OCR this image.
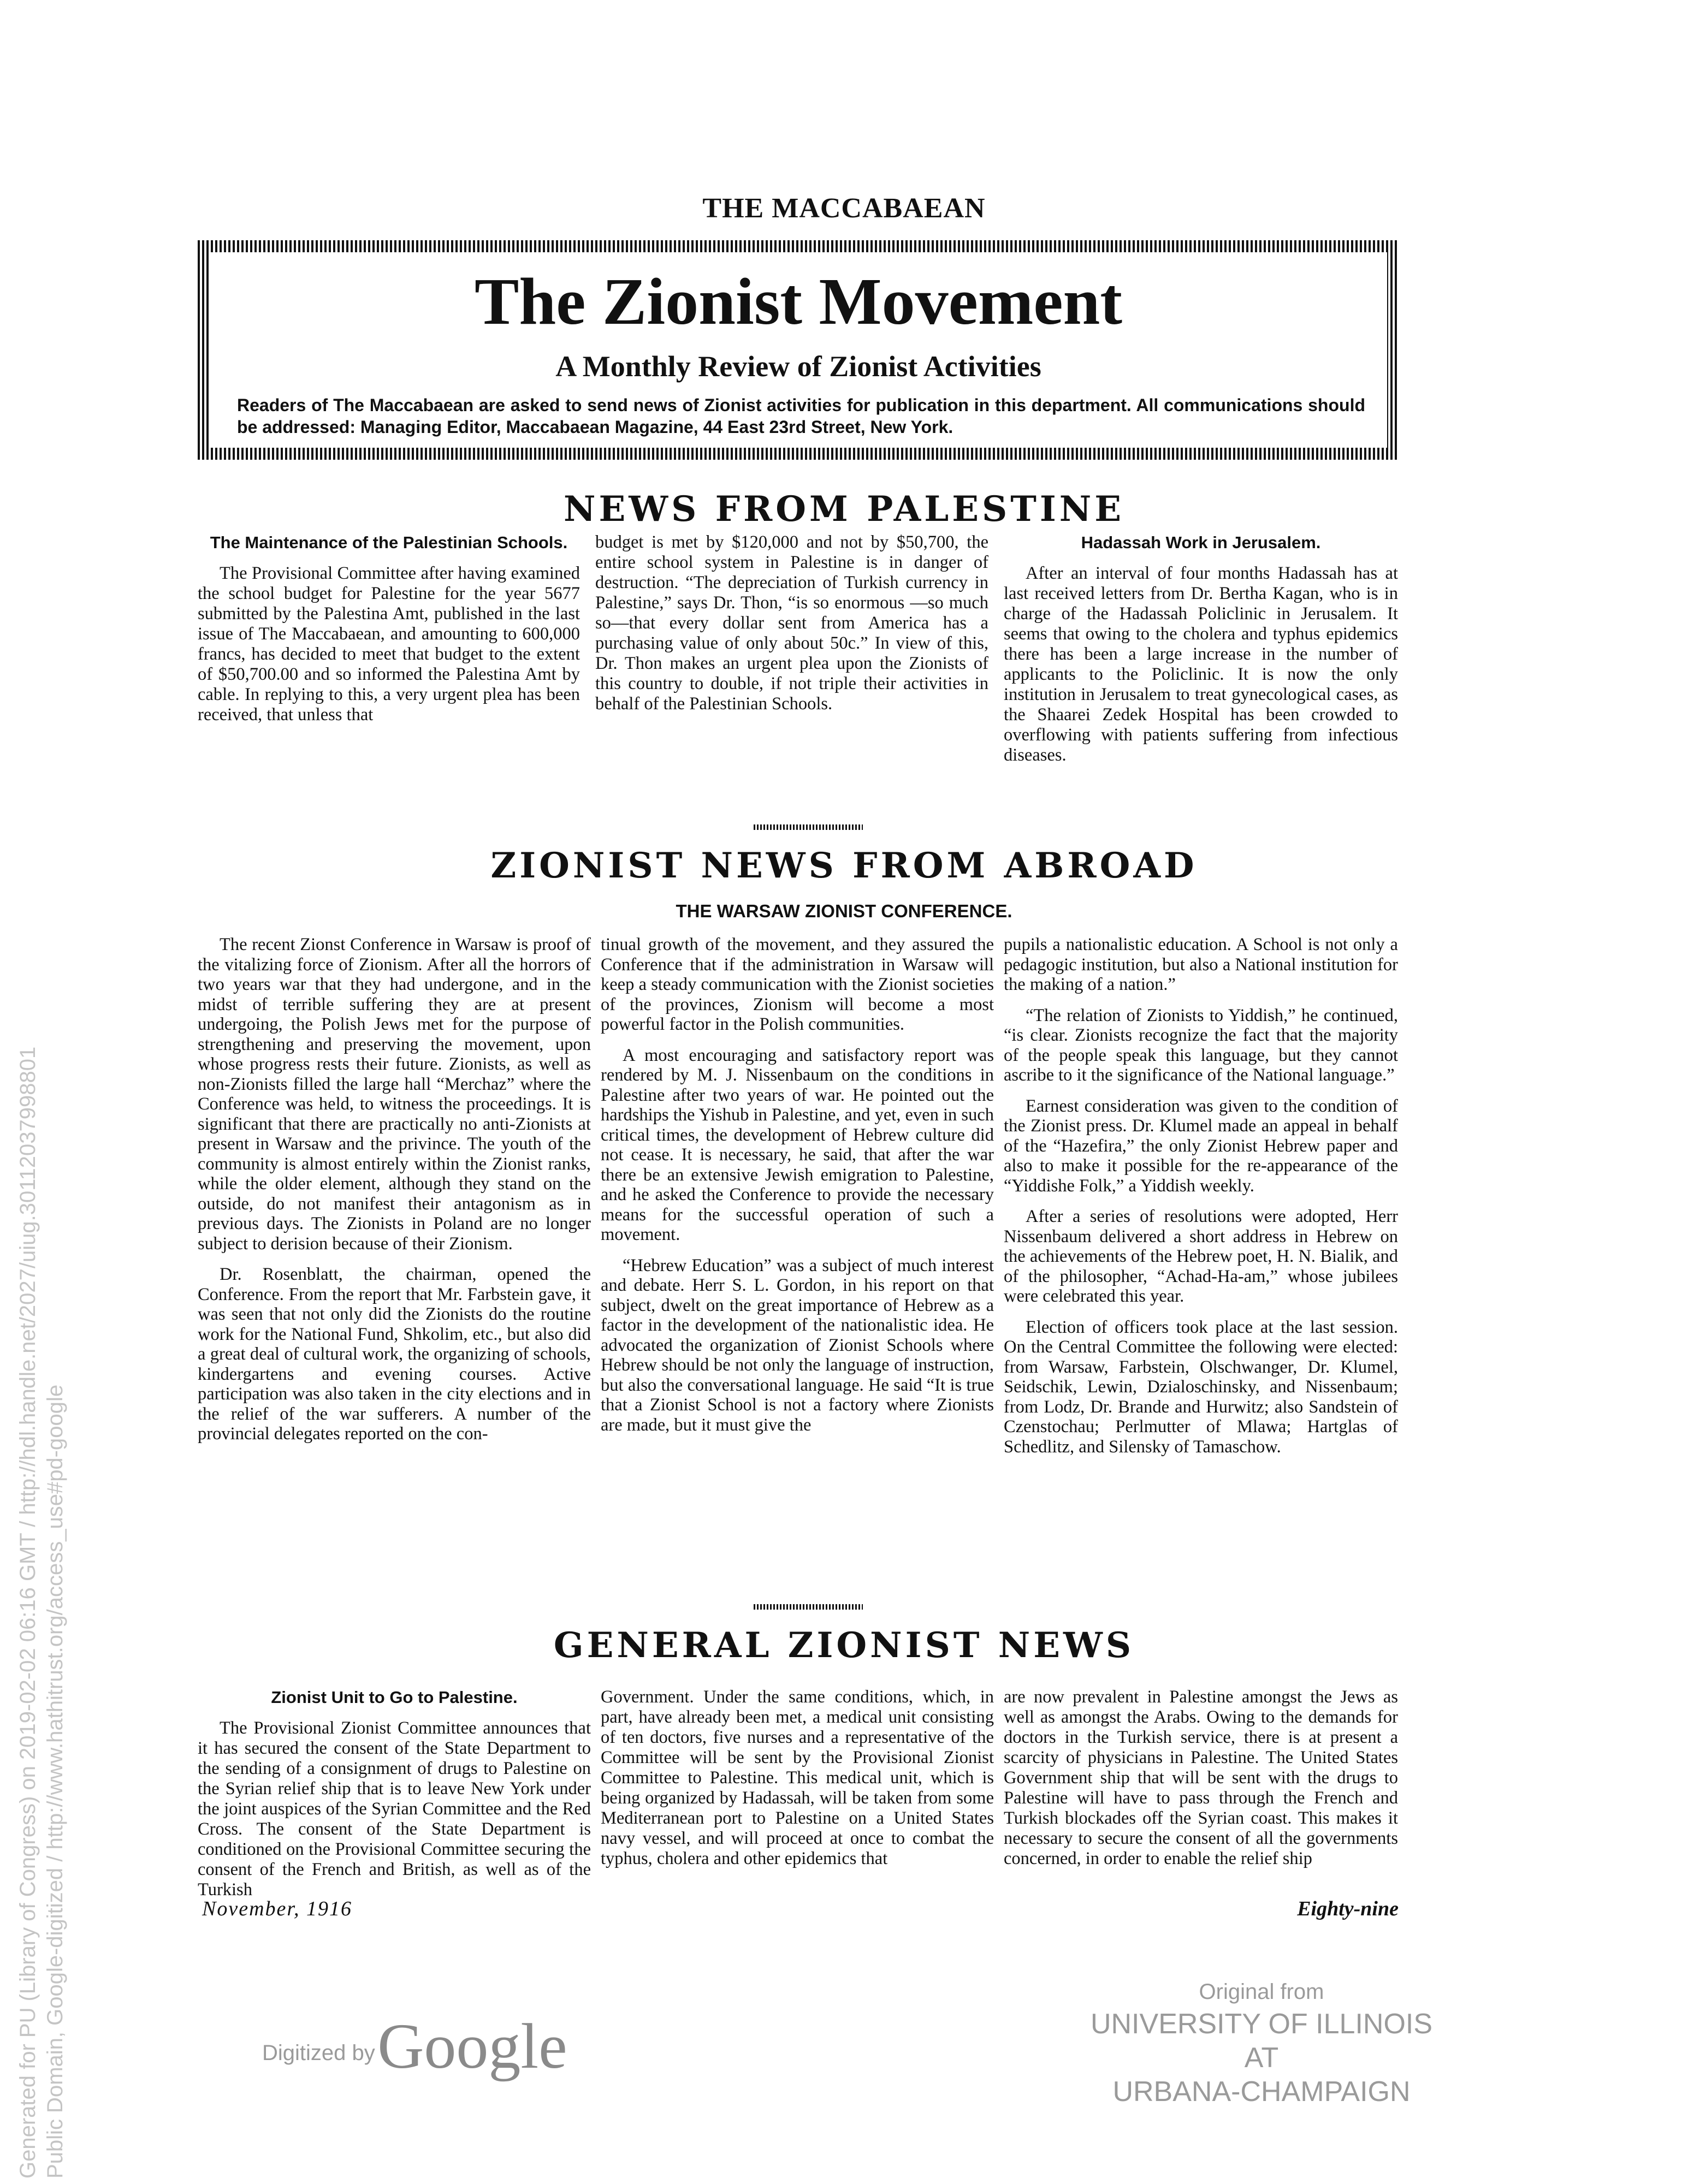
THE MACCABAEAN
The Zionist Movement
A Monthly Review of Zionist Activities
Readers of The Maccabaean are asked to send news of Zionist activities for publication in this department. All communications should be addressed: Managing Editor, Maccabaean Magazine, 44 East 23rd Street, New York.
NEWS FROM PALESTINE

The Maintenance of the Palestinian Schools.

The Provisional Committee after having examined the school budget for Palestine for the year 5677 submitted by the Palestina Amt, published in the last issue of The Maccabaean, and amounting to 600,000 francs, has decided to meet that budget to the extent of $50,700.00 and so informed the Palestina Amt by cable. In replying to this, a very urgent plea has been received, that unless that

budget is met by $120,000 and not by $50,700, the entire school system in Palestine is in danger of destruction. “The depreciation of Turkish currency in Palestine,” says Dr. Thon, “is so enormous —so much so—that every dollar sent from America has a purchasing value of only about 50c.” In view of this, Dr. Thon makes an urgent plea upon the Zionists of this country to double, if not triple their activities in behalf of the Palestinian Schools.

Hadassah Work in Jerusalem.

After an interval of four months Hadassah has at last received letters from Dr. Bertha Kagan, who is in charge of the Hadassah Policlinic in Jerusalem. It seems that owing to the cholera and typhus epidemics there has been a large increase in the number of applicants to the Policlinic. It is now the only institution in Jerusalem to treat gynecological cases, as the Shaarei Zedek Hospital has been crowded to overflowing with patients suffering from infectious diseases.

ZIONIST NEWS FROM ABROAD
THE WARSAW ZIONIST CONFERENCE.

The recent Zionst Conference in Warsaw is proof of the vitalizing force of Zionism. After all the horrors of two years war that they had undergone, and in the midst of terrible suffering they are at present undergoing, the Polish Jews met for the purpose of strengthening and preserving the movement, upon whose progress rests their future. Zionists, as well as non-Zionists filled the large hall “Merchaz” where the Conference was held, to witness the proceedings. It is significant that there are practically no anti-Zionists at present in Warsaw and the privince. The youth of the community is almost entirely within the Zionist ranks, while the older element, although they stand on the outside, do not manifest their antagonism as in previous days. The Zionists in Poland are no longer subject to derision because of their Zionism.

Dr. Rosenblatt, the chairman, opened the Conference. From the report that Mr. Farbstein gave, it was seen that not only did the Zionists do the routine work for the National Fund, Shkolim, etc., but also did a great deal of cultural work, the organizing of schools, kindergartens and evening courses. Active participation was also taken in the city elections and in the relief of the war sufferers. A number of the provincial delegates reported on the con-

tinual growth of the movement, and they assured the Conference that if the administration in Warsaw will keep a steady communication with the Zionist societies of the provinces, Zionism will become a most powerful factor in the Polish communities.

A most encouraging and satisfactory report was rendered by M. J. Nissenbaum on the conditions in Palestine after two years of war. He pointed out the hardships the Yishub in Palestine, and yet, even in such critical times, the development of Hebrew culture did not cease. It is necessary, he said, that after the war there be an extensive Jewish emigration to Palestine, and he asked the Conference to provide the necessary means for the successful operation of such a movement.

“Hebrew Education” was a subject of much interest and debate. Herr S. L. Gordon, in his report on that subject, dwelt on the great importance of Hebrew as a factor in the development of the nationalistic idea. He advocated the organization of Zionist Schools where Hebrew should be not only the language of instruction, but also the conversational language. He said “It is true that a Zionist School is not a factory where Zionists are made, but it must give the

pupils a nationalistic education. A School is not only a pedagogic institution, but also a National institution for the making of a nation.”

“The relation of Zionists to Yiddish,” he continued, “is clear. Zionists recognize the fact that the majority of the people speak this language, but they cannot ascribe to it the significance of the National language.”

Earnest consideration was given to the condition of the Zionist press. Dr. Klumel made an appeal in behalf of the “Hazefira,” the only Zionist Hebrew paper and also to make it possible for the re-appearance of the “Yiddishe Folk,” a Yiddish weekly.

After a series of resolutions were adopted, Herr Nissenbaum delivered a short address in Hebrew on the achievements of the Hebrew poet, H. N. Bialik, and of the philosopher, “Achad-Ha-am,” whose jubilees were celebrated this year.

Election of officers took place at the last session. On the Central Committee the following were elected: from Warsaw, Farbstein, Olschwanger, Dr. Klumel, Seidschik, Lewin, Dzialoschinsky, and Nissenbaum; from Lodz, Dr. Brande and Hurwitz; also Sandstein of Czenstochau; Perlmutter of Mlawa; Hartglas of Schedlitz, and Silensky of Tamaschow.

GENERAL ZIONIST NEWS

Zionist Unit to Go to Palestine.

The Provisional Zionist Committee announces that it has secured the consent of the State Department to the sending of a consignment of drugs to Palestine on the Syrian relief ship that is to leave New York under the joint auspices of the Syrian Committee and the Red Cross. The consent of the State Department is conditioned on the Provisional Committee securing the consent of the French and British, as well as of the Turkish

Government. Under the same conditions, which, in part, have already been met, a medical unit consisting of ten doctors, five nurses and a representative of the Committee will be sent by the Provisional Zionist Committee to Palestine. This medical unit, which is being organized by Hadassah, will be taken from some Mediterranean port to Palestine on a United States navy vessel, and will proceed at once to combat the typhus, cholera and other epidemics that

are now prevalent in Palestine amongst the Jews as well as amongst the Arabs. Owing to the demands for doctors in the Turkish service, there is at present a scarcity of physicians in Palestine. The United States Government ship that will be sent with the drugs to Palestine will have to pass through the French and Turkish blockades off the Syrian coast. This makes it necessary to secure the consent of all the governments concerned, in order to enable the relief ship

November, 1916	Eighty-nine
Digitized by Google
Original from
UNIVERSITY OF ILLINOIS AT
URBANA-CHAMPAIGN
Generated for PU (Library of Congress) on 2019-02-02 06:16 GMT / http://hdl.handle.net/2027/uiug.30112037998801 Public Domain, Google-digitized / http://www.hathitrust.org/access_use#pd-google
